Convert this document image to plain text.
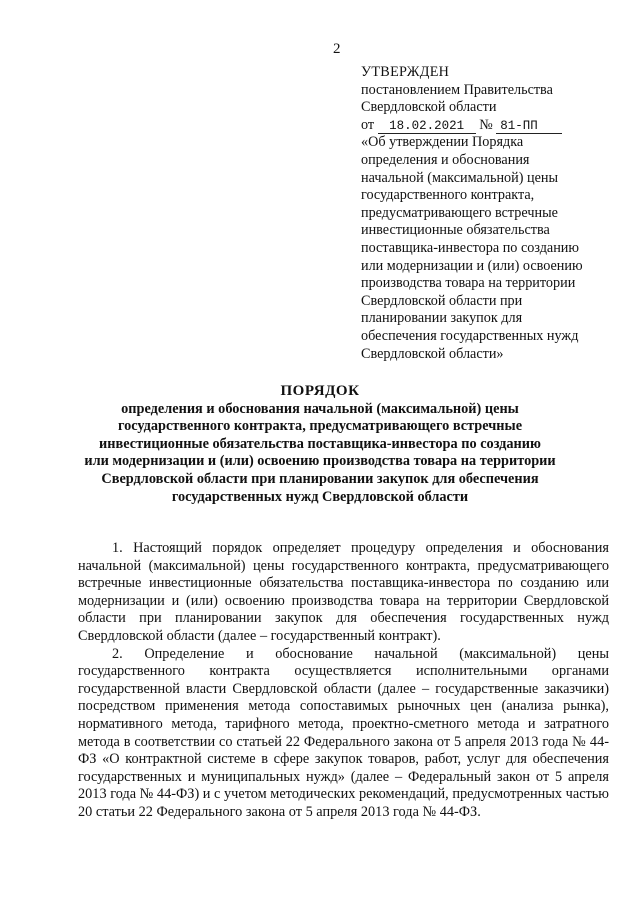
2
УТВЕРЖДЕН
постановлением Правительства
Свердловской области
от 18.02.2021 № 81-ПП
«Об утверждении Порядка
определения и обоснования
начальной (максимальной) цены
государственного контракта,
предусматривающего встречные
инвестиционные обязательства
поставщика-инвестора по созданию
или модернизации и (или) освоению
производства товара на территории
Свердловской области при
планировании закупок для
обеспечения государственных нужд
Свердловской области»
ПОРЯДОК
определения и обоснования начальной (максимальной) цены
государственного контракта, предусматривающего встречные
инвестиционные обязательства поставщика-инвестора по созданию
или модернизации и (или) освоению производства товара на территории
Свердловской области при планировании закупок для обеспечения
государственных нужд Свердловской области

1. Настоящий порядок определяет процедуру определения и обоснования начальной (максимальной) цены государственного контракта, предусматривающего встречные инвестиционные обязательства поставщика-инвестора по созданию или модернизации и (или) освоению производства товара на территории Свердловской области при планировании закупок для обеспечения государственных нужд Свердловской области (далее – государственный контракт).

2. Определение и обоснование начальной (максимальной) цены государственного контракта осуществляется исполнительными органами государственной власти Свердловской области (далее – государственные заказчики) посредством применения метода сопоставимых рыночных цен (анализа рынка), нормативного метода, тарифного метода, проектно-сметного метода и затратного метода в соответствии со статьей 22 Федерального закона от 5 апреля 2013 года № 44-ФЗ «О контрактной системе в сфере закупок товаров, работ, услуг для обеспечения государственных и муниципальных нужд» (далее – Федеральный закон от 5 апреля 2013 года № 44-ФЗ) и с учетом методических рекомендаций, предусмотренных частью 20 статьи 22 Федерального закона от 5 апреля 2013 года № 44-ФЗ.
